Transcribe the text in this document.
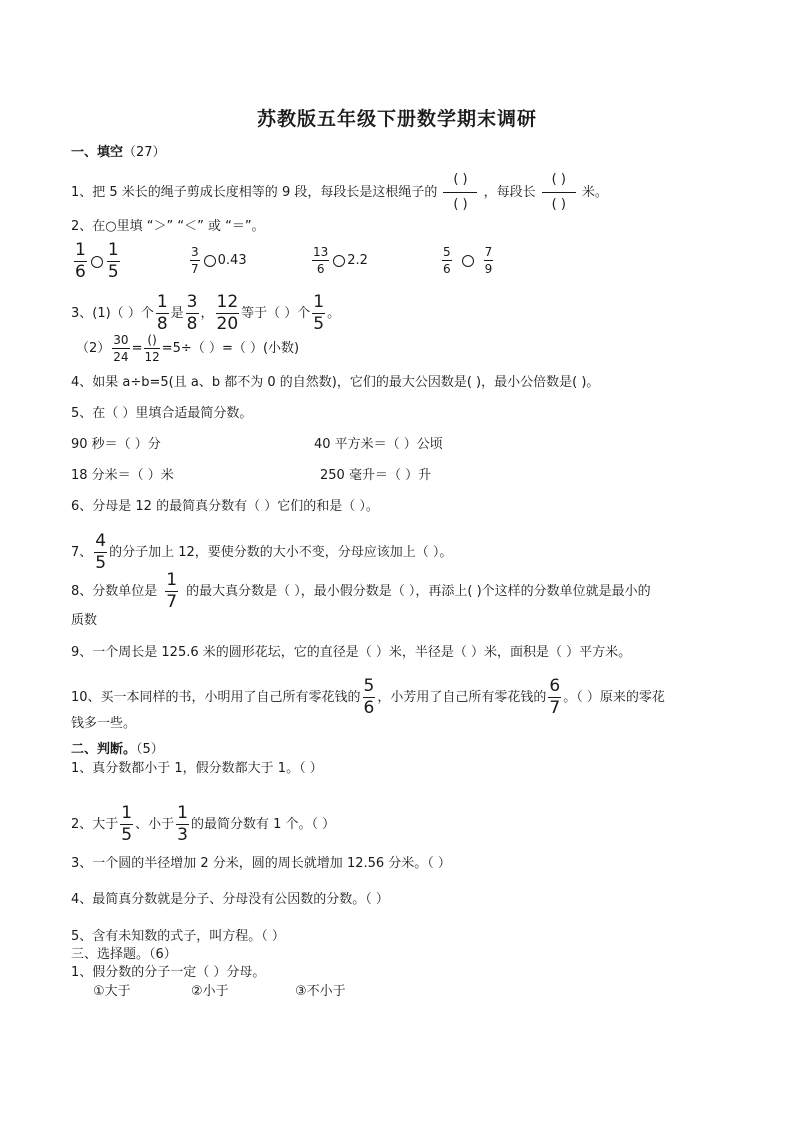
苏教版五年级下册数学期末调研
一、填空（27）
1、把 5 米长的绳子剪成长度相等的 9 段，每段长是这根绳子的
( )
( )
，每段长
( )
( )
米。
2、在○里填 “＞” “＜” 或 “＝”。
$\frac{1}{6} \frac{1}{5}$	$\frac{3}{7} 0.43$	$\frac{13}{6} 2.2$	$\frac{5}{6}$	$\frac{7}{9}$
3、(1)（ ）个 $\frac{1}{8}$ 是 $\frac{3}{8}$ ， $\frac{12}{20}$ 等于（ ）个 $\frac{1}{5}$ 。
$(2) \frac{30}{24} = \frac{()}{12} =5\div$（ ）=（ ）(小数)
4、如果 a÷b=5(且 a、b 都不为 0 的自然数)，它们的最大公因数是( )，最小公倍数是( )。
5、在（ ）里填合适最简分数。
90 秒＝（ ）分	40 平方米＝（ ）公顷
18 分米＝（ ）米	250 毫升＝（ ）升
6、分母是 12 的最简真分数有（ ）它们的和是（ ）。
7、 $\frac{4}{5}$ 的分子加上 12，要使分数的大小不变，分母应该加上（ ）。
8、分数单位是 $\frac{1}{7}$ 的最大真分数是（ ），最小假分数是（ ），再添上( )个这样的分数单位就是最小的
质数
9、一个周长是 125.6 米的圆形花坛，它的直径是（ ）米，半径是（ ）米，面积是（ ）平方米。
10、买一本同样的书，小明用了自己所有零花钱的 $\frac{5}{6}$ ，小芳用了自己所有零花钱的 $\frac{6}{7}$ 。（ ）原来的零花
钱多一些。
二、判断。（5）
1、真分数都小于 1，假分数都大于 1。（ ）
2、大于 $\frac{1}{5}$ 、小于 $\frac{1}{3}$ 的最简分数有 1 个。（ ）
3、一个圆的半径增加 2 分米，圆的周长就增加 12.56 分米。（ ）
4、最简真分数就是分子、分母没有公因数的分数。（ ）
5、含有未知数的式子，叫方程。（ ）
三、选择题。（6）
1、假分数的分子一定（ ）分母。
①大于	②小于	③不小于
